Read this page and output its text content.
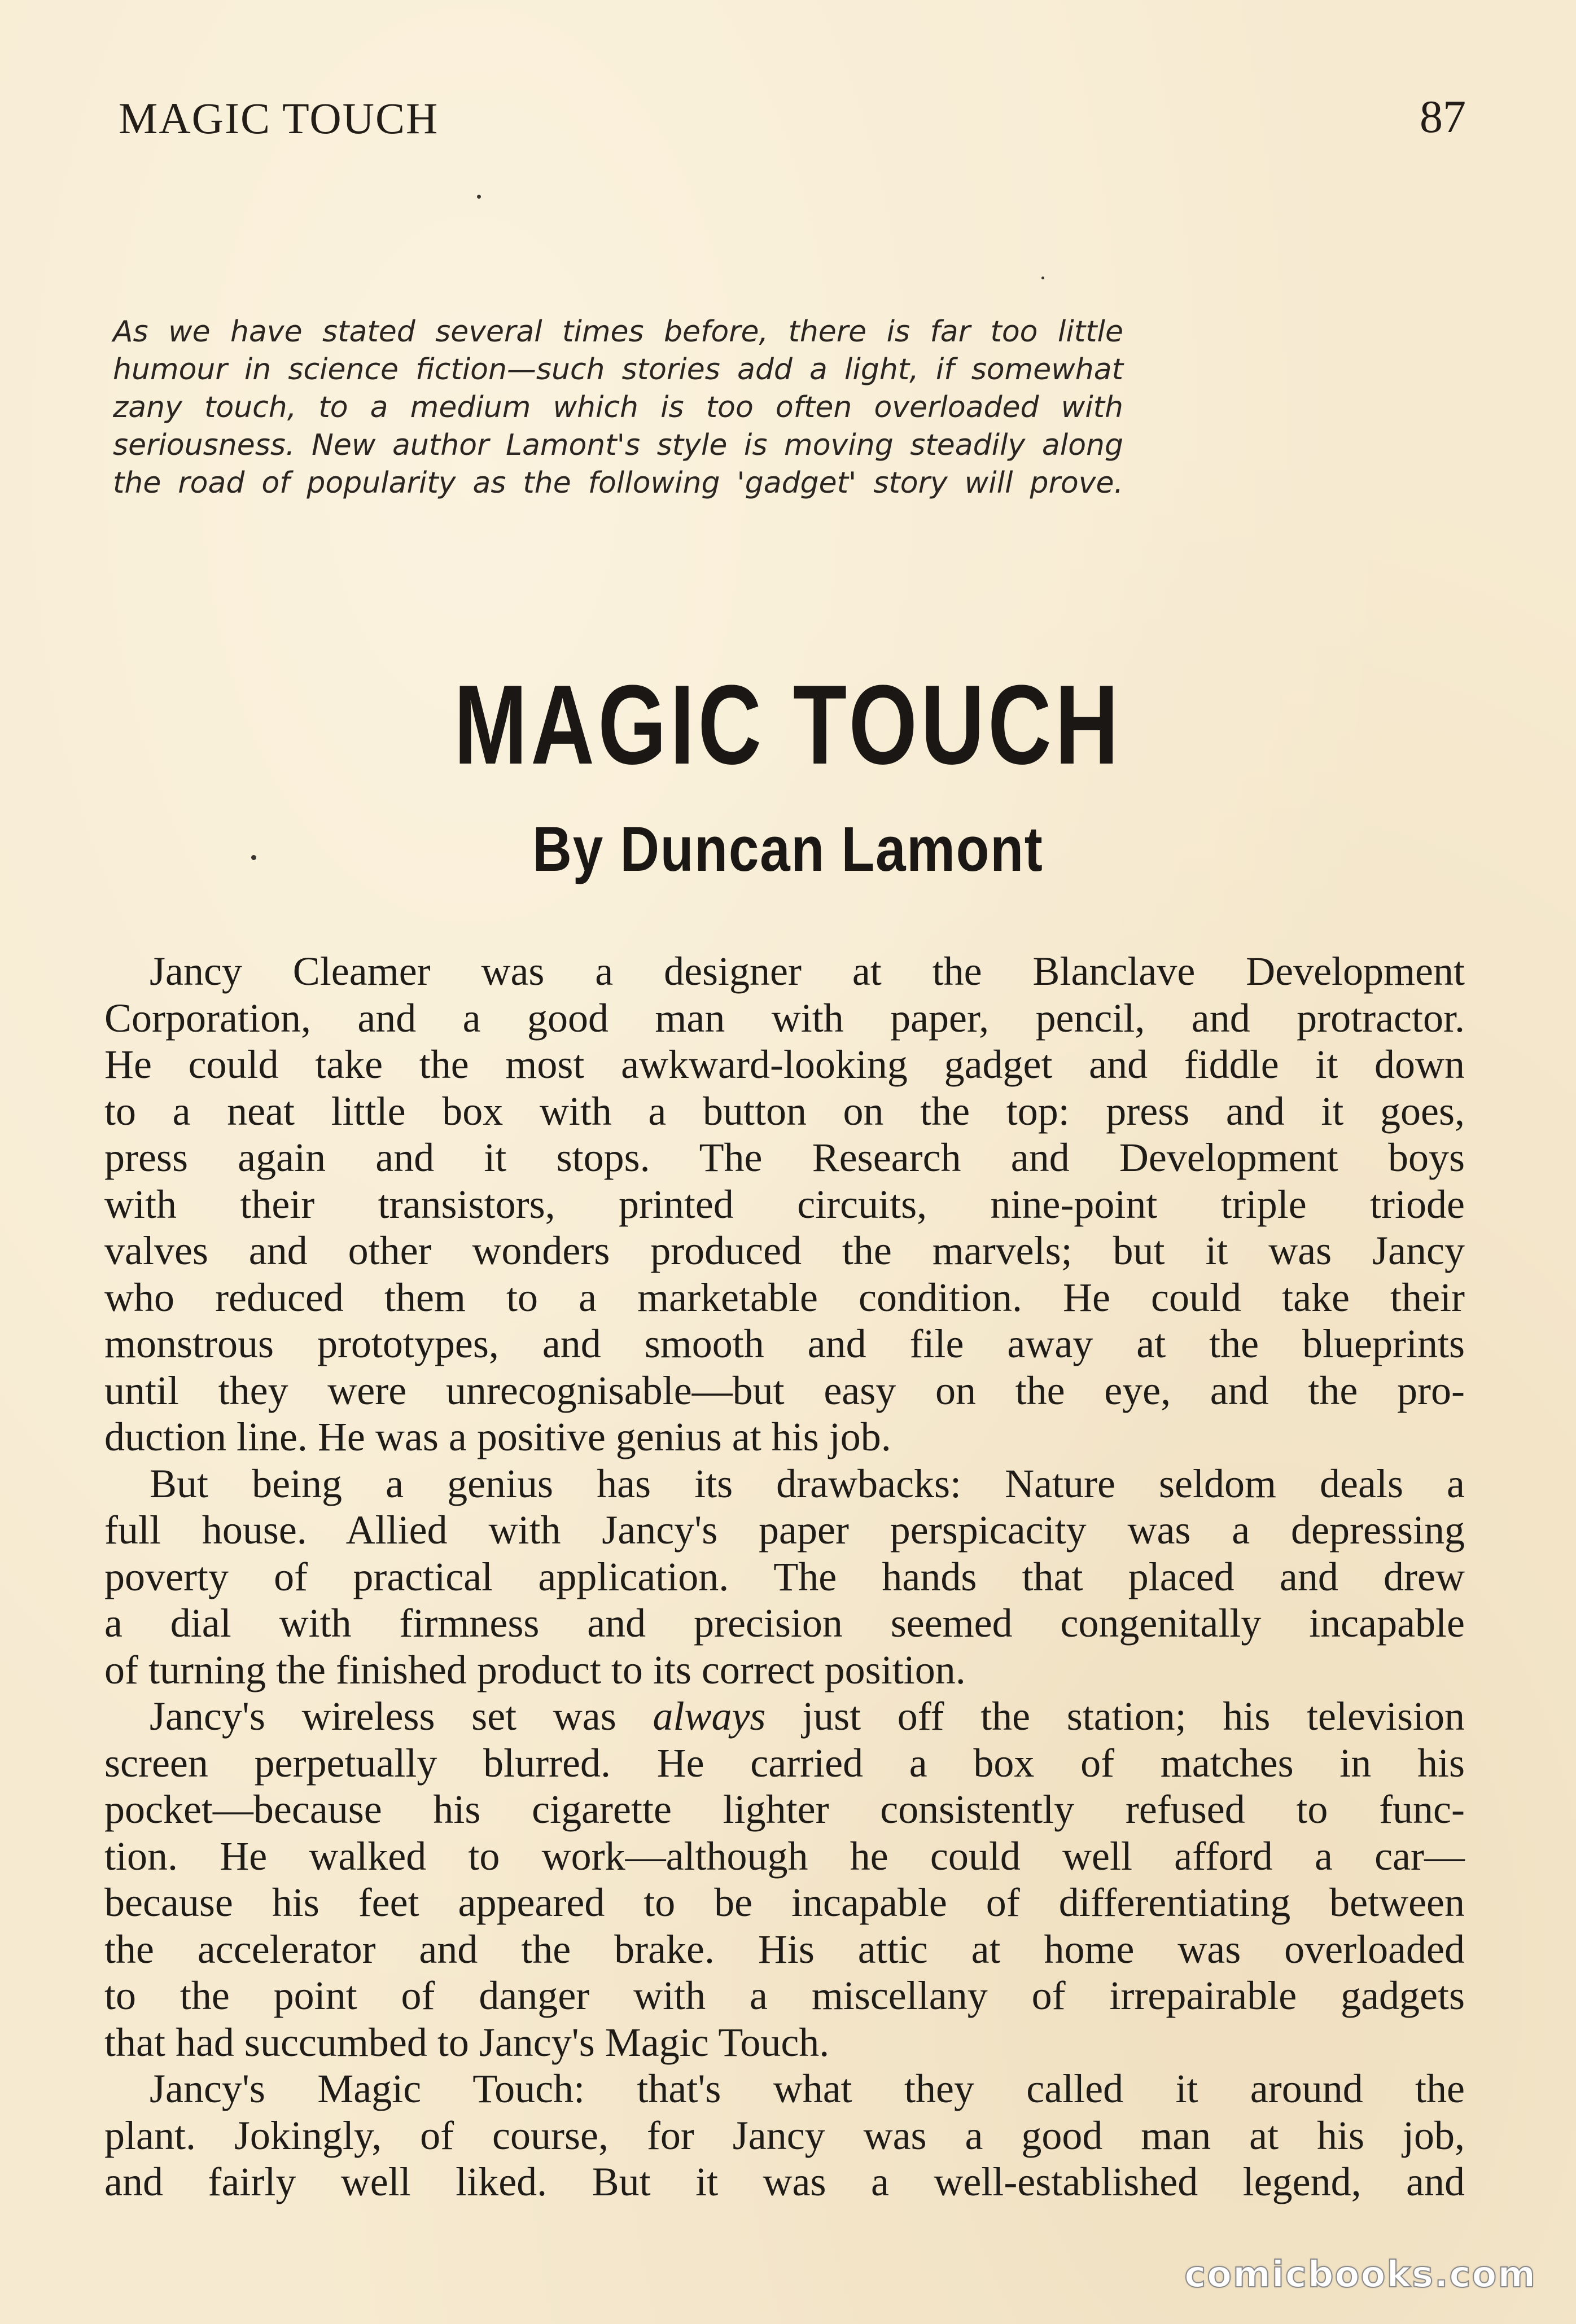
MAGIC TOUCH	87
As we have stated several times before, there is far too little
humour in science fiction—such stories add a light, if somewhat
zany touch, to a medium which is too often overloaded with
seriousness. New author Lamont's style is moving steadily along
the road of popularity as the following 'gadget' story will prove.
MAGIC TOUCH
By Duncan Lamont
Jancy Cleamer was a designer at the Blanclave Development
Corporation, and a good man with paper, pencil, and protractor.
He could take the most awkward-looking gadget and fiddle it down
to a neat little box with a button on the top: press and it goes,
press again and it stops. The Research and Development boys
with their transistors, printed circuits, nine-point triple triode
valves and other wonders produced the marvels; but it was Jancy
who reduced them to a marketable condition. He could take their
monstrous prototypes, and smooth and file away at the blueprints
until they were unrecognisable—but easy on the eye, and the pro-
duction line. He was a positive genius at his job.
But being a genius has its drawbacks: Nature seldom deals a
full house. Allied with Jancy's paper perspicacity was a depressing
poverty of practical application. The hands that placed and drew
a dial with firmness and precision seemed congenitally incapable
of turning the finished product to its correct position.
Jancy's wireless set was always just off the station; his television
screen perpetually blurred. He carried a box of matches in his
pocket—because his cigarette lighter consistently refused to func-
tion. He walked to work—although he could well afford a car—
because his feet appeared to be incapable of differentiating between
the accelerator and the brake. His attic at home was overloaded
to the point of danger with a miscellany of irrepairable gadgets
that had succumbed to Jancy's Magic Touch.
Jancy's Magic Touch: that's what they called it around the
plant. Jokingly, of course, for Jancy was a good man at his job,
and fairly well liked. But it was a well-established legend, and
comicbooks.com
